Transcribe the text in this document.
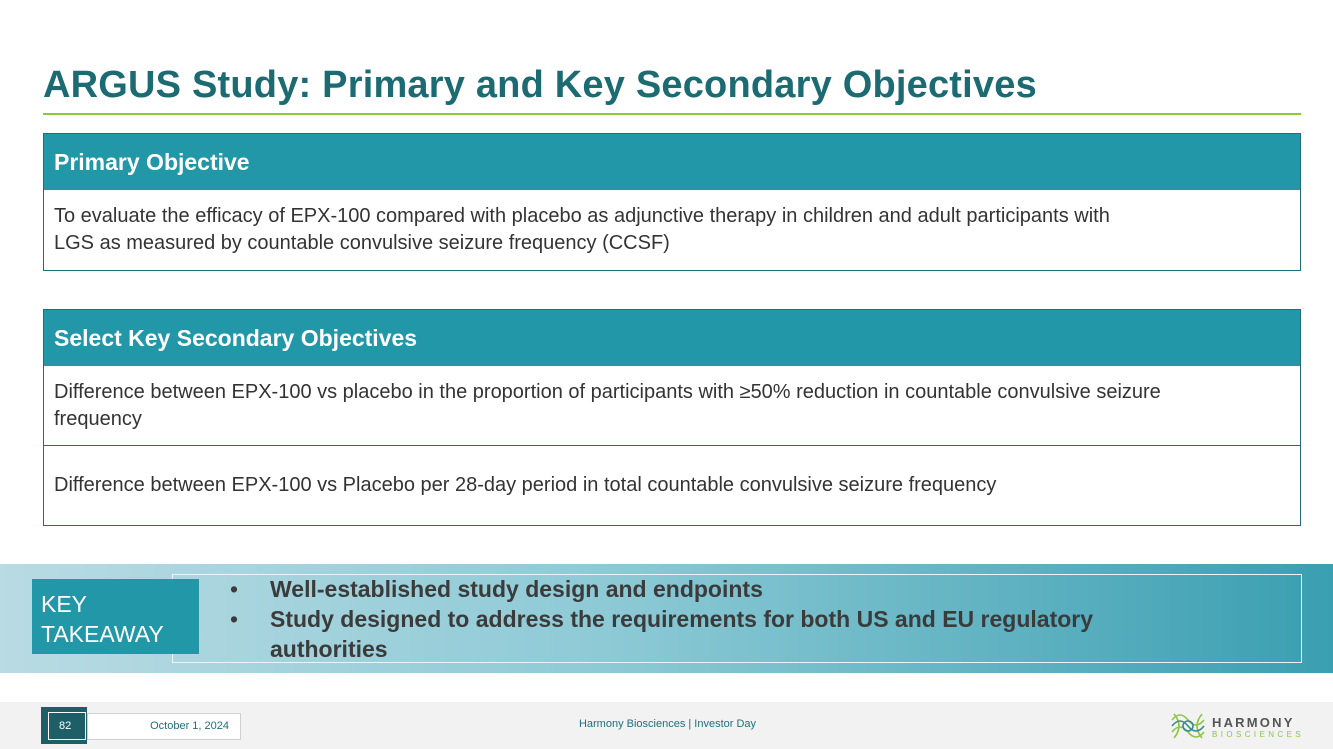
ARGUS Study: Primary and Key Secondary Objectives
Primary Objective
To evaluate the efficacy of EPX-100 compared with placebo as adjunctive therapy in children and adult participants with
LGS as measured by countable convulsive seizure frequency (CCSF)
Select Key Secondary Objectives
Difference between EPX-100 vs placebo in the proportion of participants with ≥50% reduction in countable convulsive seizure
frequency
Difference between EPX-100 vs Placebo per 28-day period in total countable convulsive seizure frequency
KEY
TAKEAWAY
• Well-established study design and endpoints
• Study designed to address the requirements for both US and EU regulatory
authorities
82	October 1, 2024	Harmony Biosciences | Investor Day	HARMONY
BIOSCIENCES
